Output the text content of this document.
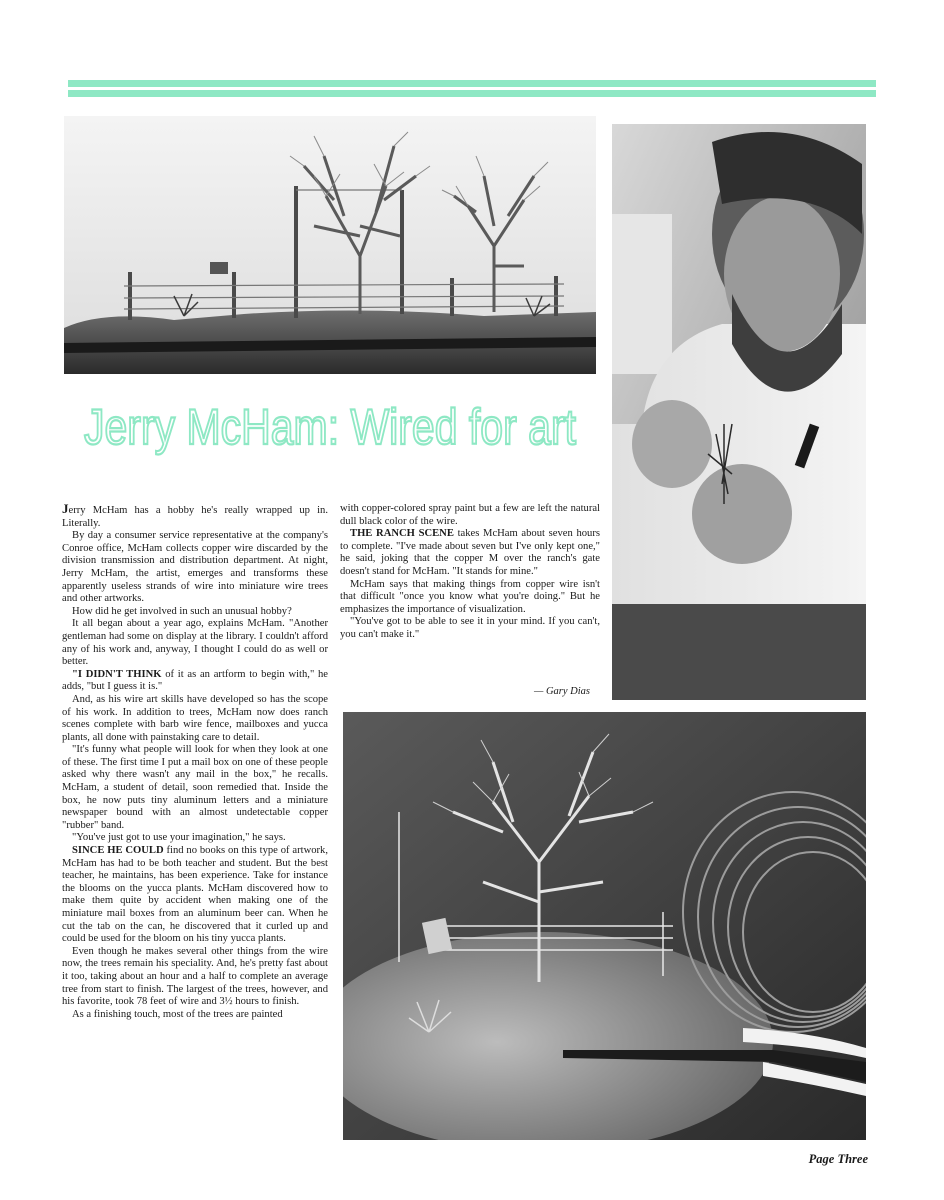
Jerry McHam: Wired for art

Jerry McHam has a hobby he's really wrapped up in. Literally.

By day a consumer service representative at the company's Conroe office, McHam collects copper wire discarded by the division transmission and distribution department. At night, Jerry McHam, the artist, emerges and transforms these apparently useless strands of wire into miniature wire trees and other artworks.

How did he get involved in such an unusual hobby?

It all began about a year ago, explains McHam. "Another gentleman had some on display at the library. I couldn't afford any of his work and, anyway, I thought I could do as well or better.

"I DIDN'T THINK of it as an artform to begin with," he adds, "but I guess it is."

And, as his wire art skills have developed so has the scope of his work. In addition to trees, McHam now does ranch scenes complete with barb wire fence, mailboxes and yucca plants, all done with painstaking care to detail.

"It's funny what people will look for when they look at one of these. The first time I put a mail box on one of these people asked why there wasn't any mail in the box," he recalls. McHam, a student of detail, soon remedied that. Inside the box, he now puts tiny aluminum letters and a miniature newspaper bound with an almost undetectable copper "rubber" band.

"You've just got to use your imagination," he says.

SINCE HE COULD find no books on this type of artwork, McHam has had to be both teacher and student. But the best teacher, he maintains, has been experience. Take for instance the blooms on the yucca plants. McHam discovered how to make them quite by accident when making one of the miniature mail boxes from an aluminum beer can. When he cut the tab on the can, he discovered that it curled up and could be used for the bloom on his tiny yucca plants.

Even though he makes several other things from the wire now, the trees remain his speciality. And, he's pretty fast about it too, taking about an hour and a half to complete an average tree from start to finish. The largest of the trees, however, and his favorite, took 78 feet of wire and 3½ hours to finish.

As a finishing touch, most of the trees are painted

with copper-colored spray paint but a few are left the natural dull black color of the wire.

THE RANCH SCENE takes McHam about seven hours to complete. "I've made about seven but I've only kept one," he said, joking that the copper M over the ranch's gate doesn't stand for McHam. "It stands for mine."

McHam says that making things from copper wire isn't that difficult "once you know what you're doing." But he emphasizes the importance of visualization.

"You've got to be able to see it in your mind. If you can't, you can't make it."

— Gary Dias
Page Three
